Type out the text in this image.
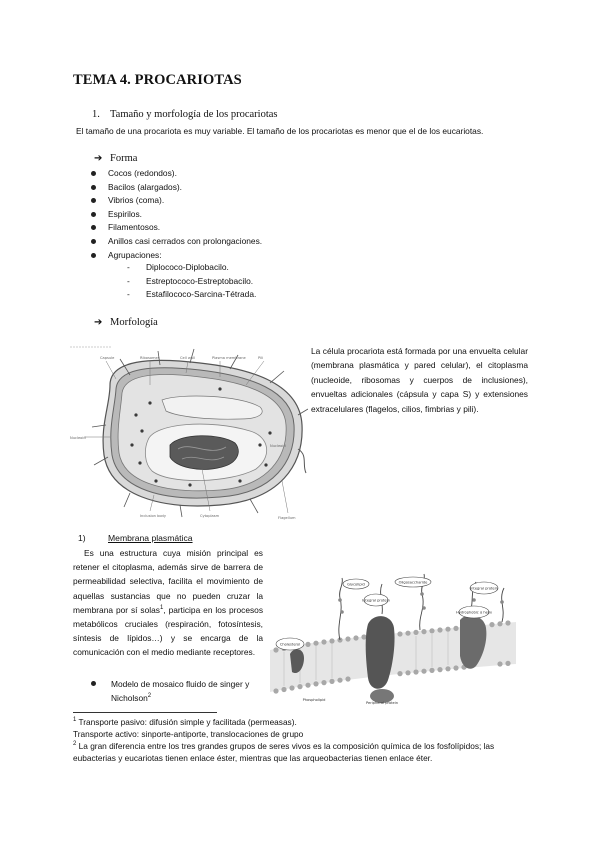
TEMA 4. PROCARIOTAS
1. Tamaño y morfología de los procariotas
El tamaño de una procariota es muy variable. El tamaño de los procariotas es menor que el de los eucariotas.
➔ Forma
Cocos (redondos).
Bacilos (alargados).
Vibrios (coma).
Espirilos.
Filamentosos.
Anillos casi cerrados con prolongaciones.
Agrupaciones:
- Diplococo-Diplobacilo.
- Estreptococo-Estreptobacilo.
- Estafilococo-Sarcina-Tétrada.
➔ Morfología
Capsule	Ribosomes	Cell wall	Plasma membrane	Pili
Nucleoid
Inclusion body	Cytoplasm	Flagellum
Nucleoid
La célula procariota está formada por una envuelta celular (membrana plasmática y pared celular), el citoplasma (nucleoide, ribosomas y cuerpos de inclusiones), envueltas adicionales (cápsula y capa S) y extensiones extracelulares (flagelos, cilios, fimbrias y pili).
1)	Membrana plasmática
Es una estructura cuya misión principal es retener el citoplasma, además sirve de barrera de permeabilidad selectiva, facilita el movimiento de aquellas sustancias que no pueden cruzar la membrana por sí solas$^1$, participa en los procesos metabólicos cruciales (respiración, fotosíntesis, síntesis de lípidos…) y se encarga de la comunicación con el medio mediante receptores.
Modelo de mosaico fluido de singer y Nicholson$^2$
Glycolipid	Oligosaccharide
Integral protein
Integral protein
Hydrophobic α helix
Phospholipid
Peripheral protein
Cholesterol
$^1$ Transporte pasivo: difusión simple y facilitada (permeasas).
Transporte activo: sinporte-antiporte, translocaciones de grupo
$^2$ La gran diferencia entre los tres grandes grupos de seres vivos es la composición química de los fosfolípidos; las eubacterias y eucariotas tienen enlace éster, mientras que las arqueobacterias tienen enlace éter.
